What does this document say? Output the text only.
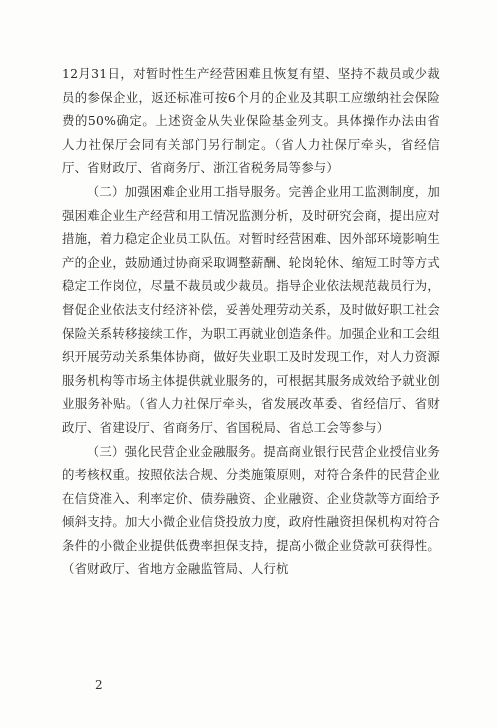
12月31日，对暂时性生产经营困难且恢复有望、坚持不裁员或少裁员的参保企业，返还标准可按6个月的企业及其职工应缴纳社会保险费的50%确定。上述资金从失业保险基金列支。具体操作办法由省人力社保厅会同有关部门另行制定。（省人力社保厅牵头，省经信厅、省财政厅、省商务厅、浙江省税务局等参与）

（二）加强困难企业用工指导服务。完善企业用工监测制度，加强困难企业生产经营和用工情况监测分析，及时研究会商，提出应对措施，着力稳定企业员工队伍。对暂时经营困难、因外部环境影响生产的企业，鼓励通过协商采取调整薪酬、轮岗轮休、缩短工时等方式稳定工作岗位，尽量不裁员或少裁员。指导企业依法规范裁员行为，督促企业依法支付经济补偿，妥善处理劳动关系，及时做好职工社会保险关系转移接续工作，为职工再就业创造条件。加强企业和工会组织开展劳动关系集体协商，做好失业职工及时发现工作，对人力资源服务机构等市场主体提供就业服务的，可根据其服务成效给予就业创业服务补贴。（省人力社保厅牵头，省发展改革委、省经信厅、省财政厅、省建设厅、省商务厅、省国税局、省总工会等参与）

（三）强化民营企业金融服务。提高商业银行民营企业授信业务的考核权重。按照依法合规、分类施策原则，对符合条件的民营企业在信贷准入、利率定价、债券融资、企业融资、企业贷款等方面给予倾斜支持。加大小微企业信贷投放力度，政府性融资担保机构对符合条件的小微企业提供低费率担保支持，提高小微企业贷款可获得性。（省财政厅、省地方金融监管局、人行杭

2
